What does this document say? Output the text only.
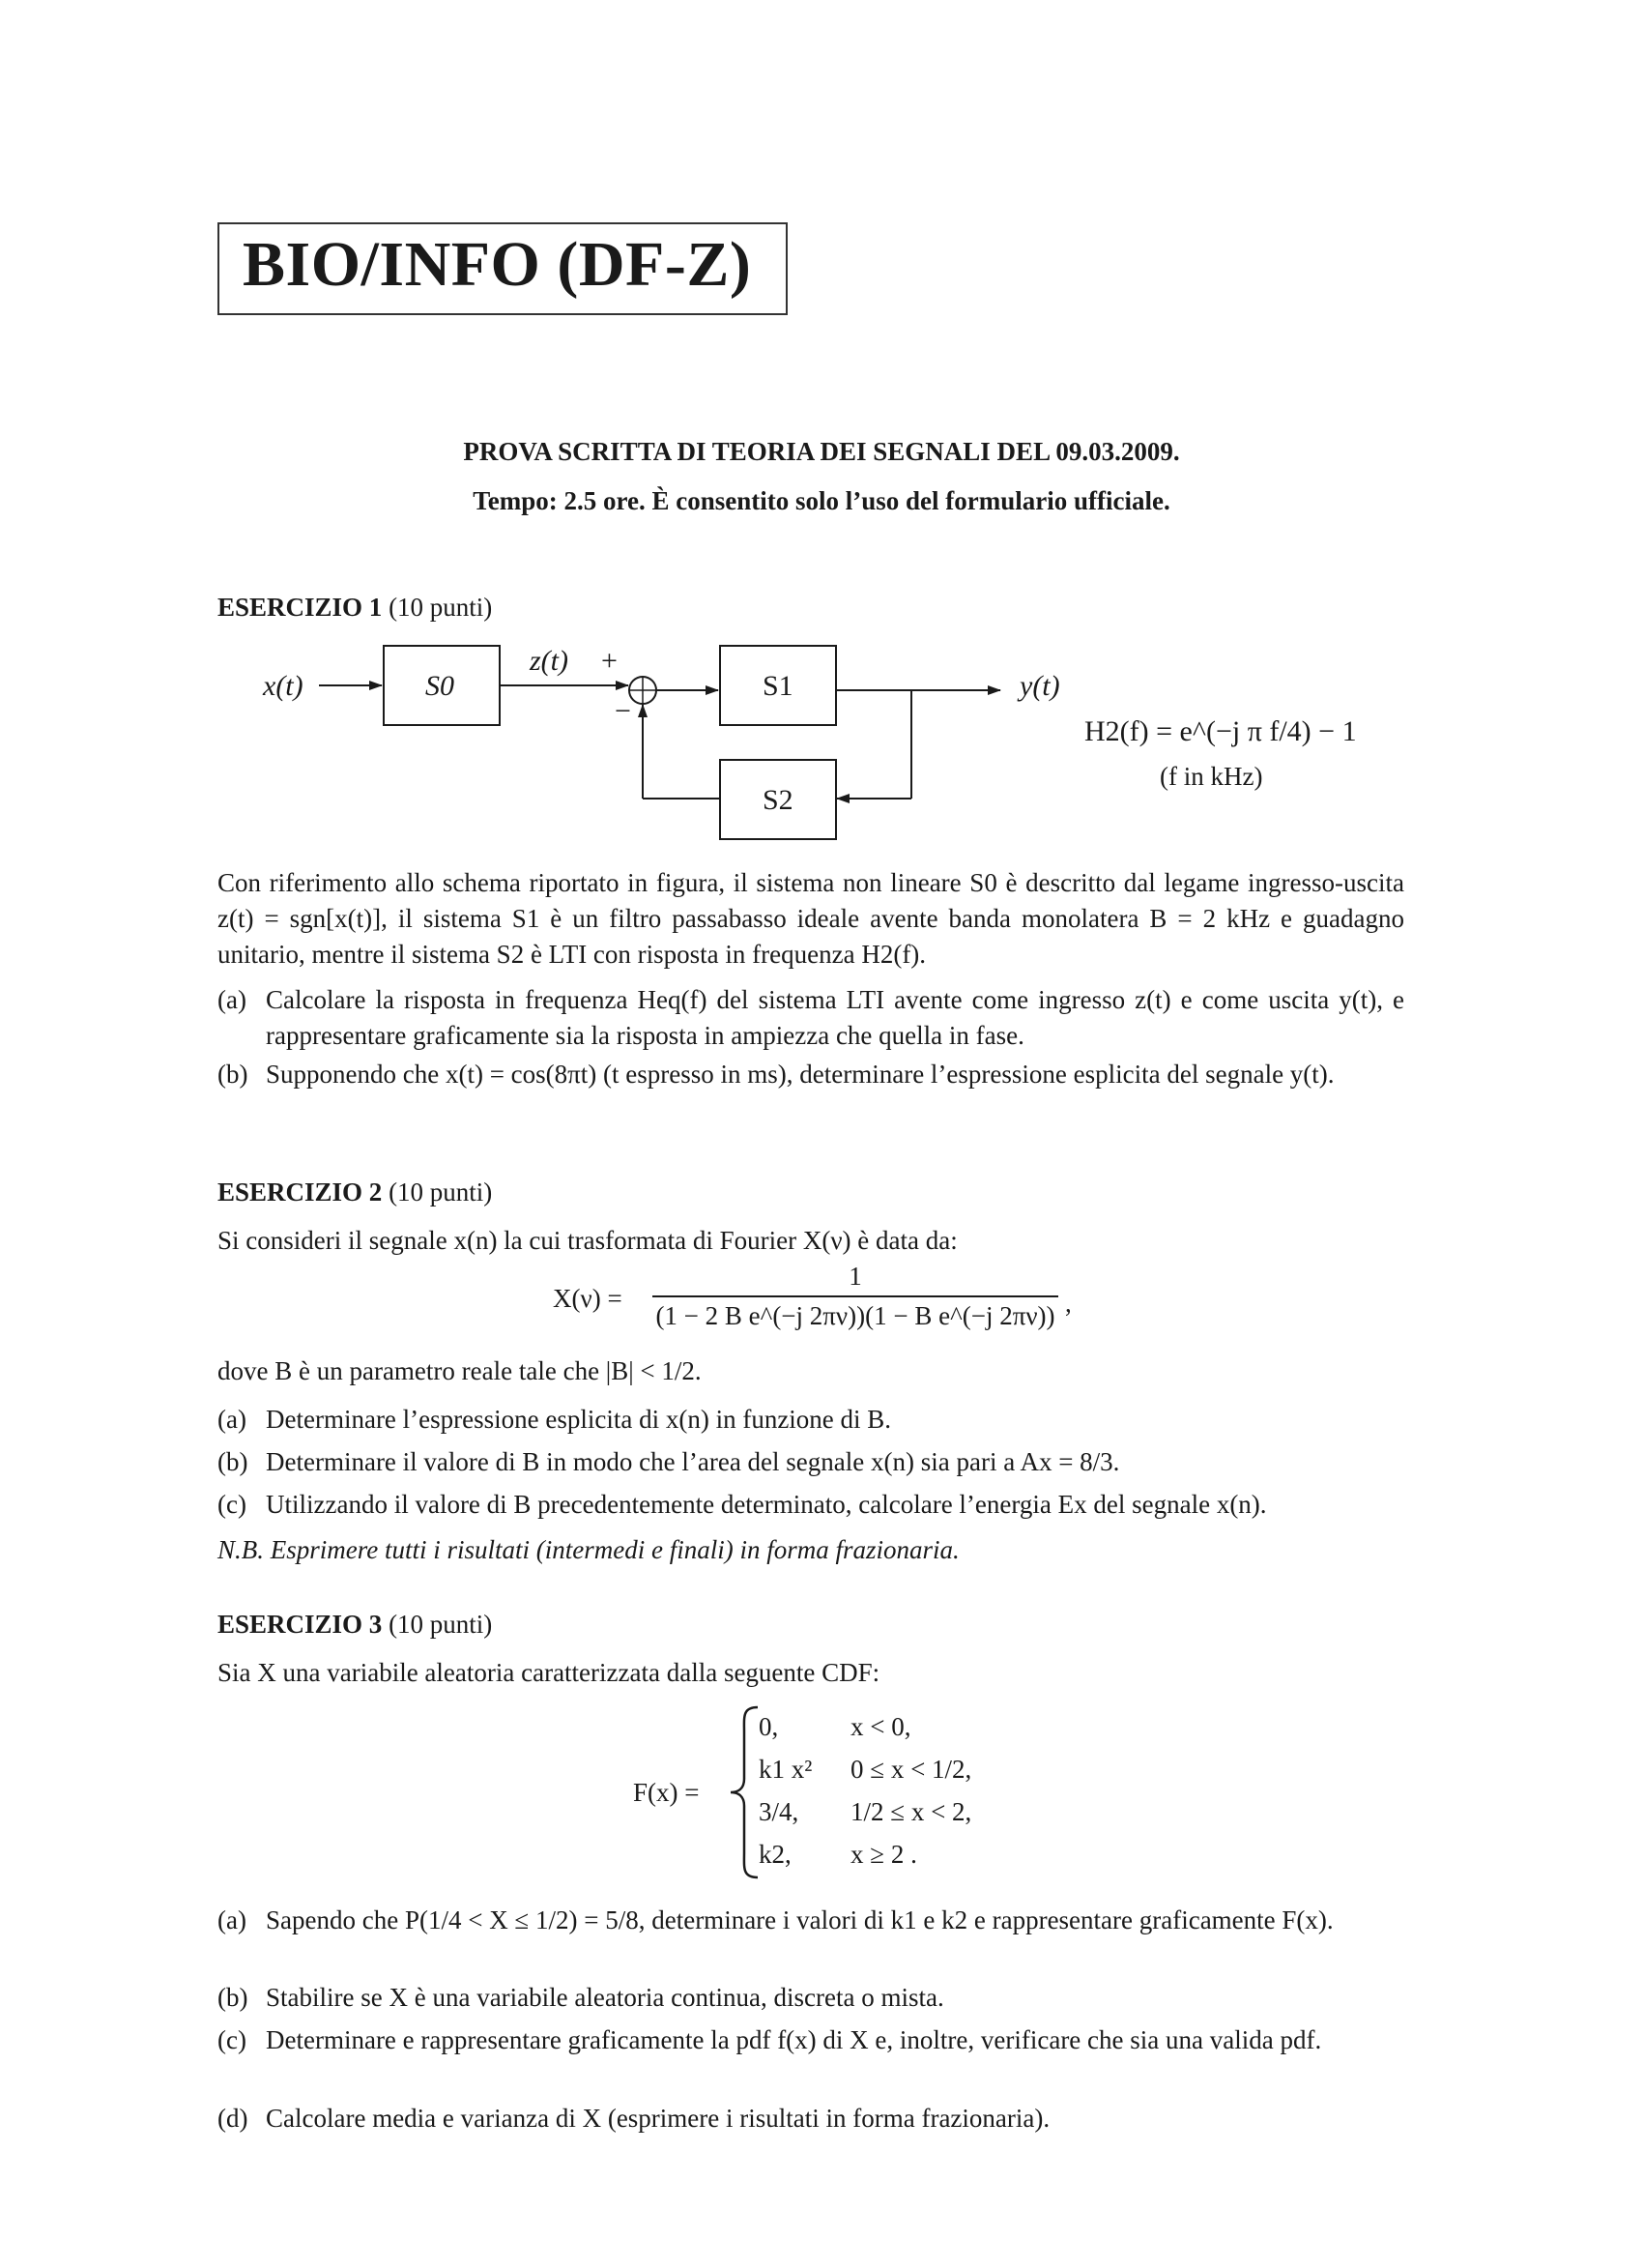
BIO/INFO (DF-Z)
PROVA SCRITTA DI TEORIA DEI SEGNALI DEL 09.03.2009.
Tempo: 2.5 ore. È consentito solo l’uso del formulario ufficiale.
ESERCIZIO 1 (10 punti)
x(t)	S0
z(t) +
−
S1	y(t)
S2
H2(f) = e^(−j π f/4) − 1
(f in kHz)
Con riferimento allo schema riportato in figura, il sistema non lineare S0 è descritto dal legame ingresso-uscita z(t) = sgn[x(t)], il sistema S1 è un filtro passabasso ideale avente banda monolatera B = 2 kHz e guadagno unitario, mentre il sistema S2 è LTI con risposta in frequenza H2(f).
(a) Calcolare la risposta in frequenza Heq(f) del sistema LTI avente come ingresso z(t) e come uscita y(t), e rappresentare graficamente sia la risposta in ampiezza che quella in fase.
(b) Supponendo che x(t) = cos(8πt) (t espresso in ms), determinare l’espressione esplicita del segnale y(t).
ESERCIZIO 2 (10 punti)
Si consideri il segnale x(n) la cui trasformata di Fourier X(ν) è data da:
$X(\nu) = \frac{1}{\text{(1 − 2 B e\textasciicircum{}(−j 2πν))(1 − B e\textasciicircum{}(−j 2πν))}}$ ,
dove B è un parametro reale tale che |B| < 1/2.
(a) Determinare l’espressione esplicita di x(n) in funzione di B.
(b) Determinare il valore di B in modo che l’area del segnale x(n) sia pari a Ax = 8/3.
(c) Utilizzando il valore di B precedentemente determinato, calcolare l’energia Ex del segnale x(n).
N.B. Esprimere tutti i risultati (intermedi e finali) in forma frazionaria.
ESERCIZIO 3 (10 punti)
Sia X una variabile aleatoria caratterizzata dalla seguente CDF:
F(x) =
0,	x < 0,
k1 x² 0 ≤ x < 1/2,
3/4, 1/2 ≤ x < 2,
k2, x ≥ 2 .
(a) Sapendo che P(1/4 < X ≤ 1/2) = 5/8, determinare i valori di k1 e k2 e rappresentare graficamente F(x).
(b) Stabilire se X è una variabile aleatoria continua, discreta o mista.
(c) Determinare e rappresentare graficamente la pdf f(x) di X e, inoltre, verificare che sia una valida pdf.
(d) Calcolare media e varianza di X (esprimere i risultati in forma frazionaria).
